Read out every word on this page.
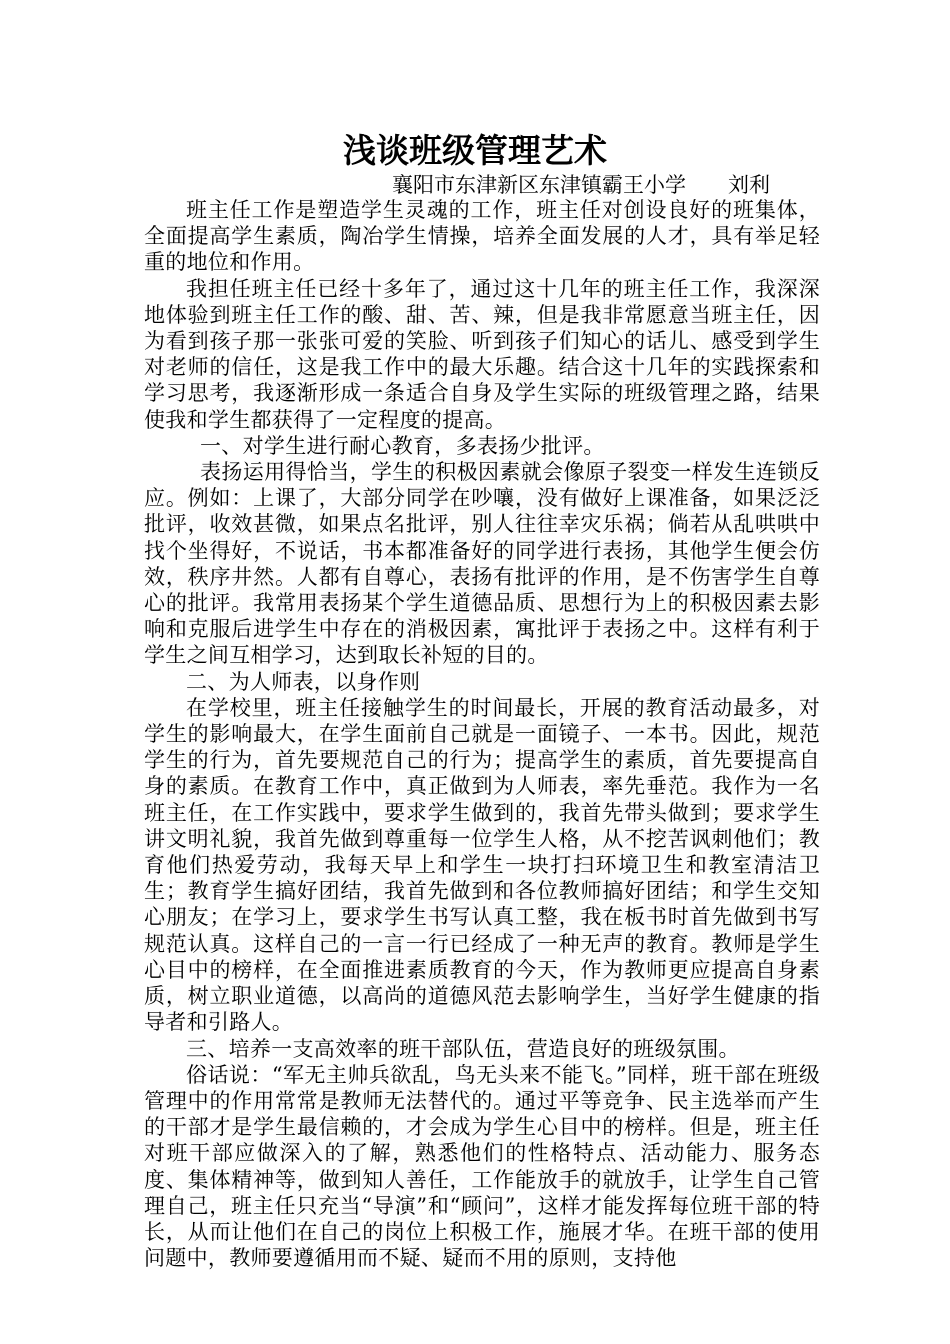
浅谈班级管理艺术
襄阳市东津新区东津镇霸王小学　　刘利

班主任工作是塑造学生灵魂的工作，班主任对创设良好的班集体，全面提高学生素质，陶冶学生情操，培养全面发展的人才，具有举足轻重的地位和作用。

我担任班主任已经十多年了，通过这十几年的班主任工作，我深深地体验到班主任工作的酸、甜、苦、辣，但是我非常愿意当班主任，因为看到孩子那一张张可爱的笑脸、听到孩子们知心的话儿、感受到学生对老师的信任，这是我工作中的最大乐趣。结合这十几年的实践探索和学习思考，我逐渐形成一条适合自身及学生实际的班级管理之路，结果使我和学生都获得了一定程度的提高。

一、对学生进行耐心教育，多表扬少批评。

表扬运用得恰当，学生的积极因素就会像原子裂变一样发生连锁反应。例如：上课了，大部分同学在吵嚷，没有做好上课准备，如果泛泛批评，收效甚微，如果点名批评，别人往往幸灾乐祸；倘若从乱哄哄中找个坐得好，不说话，书本都准备好的同学进行表扬，其他学生便会仿效，秩序井然。人都有自尊心，表扬有批评的作用，是不伤害学生自尊心的批评。我常用表扬某个学生道德品质、思想行为上的积极因素去影响和克服后进学生中存在的消极因素，寓批评于表扬之中。这样有利于学生之间互相学习，达到取长补短的目的。

二、为人师表，以身作则

在学校里，班主任接触学生的时间最长，开展的教育活动最多，对学生的影响最大，在学生面前自己就是一面镜子、一本书。因此，规范学生的行为，首先要规范自己的行为；提高学生的素质，首先要提高自身的素质。在教育工作中，真正做到为人师表，率先垂范。我作为一名班主任，在工作实践中，要求学生做到的，我首先带头做到；要求学生讲文明礼貌，我首先做到尊重每一位学生人格，从不挖苦讽刺他们；教育他们热爱劳动，我每天早上和学生一块打扫环境卫生和教室清洁卫生；教育学生搞好团结，我首先做到和各位教师搞好团结；和学生交知心朋友；在学习上，要求学生书写认真工整，我在板书时首先做到书写规范认真。这样自己的一言一行已经成了一种无声的教育。教师是学生心目中的榜样，在全面推进素质教育的今天，作为教师更应提高自身素质，树立职业道德，以高尚的道德风范去影响学生，当好学生健康的指导者和引路人。

三、培养一支高效率的班干部队伍，营造良好的班级氛围。

俗话说：“军无主帅兵欲乱，鸟无头来不能飞。”同样，班干部在班级管理中的作用常常是教师无法替代的。通过平等竞争、民主选举而产生的干部才是学生最信赖的，才会成为学生心目中的榜样。但是，班主任对班干部应做深入的了解，熟悉他们的性格特点、活动能力、服务态度、集体精神等，做到知人善任，工作能放手的就放手，让学生自己管理自己，班主任只充当“导演”和“顾问”，这样才能发挥每位班干部的特长，从而让他们在自己的岗位上积极工作，施展才华。在班干部的使用问题中，教师要遵循用而不疑、疑而不用的原则，支持他
